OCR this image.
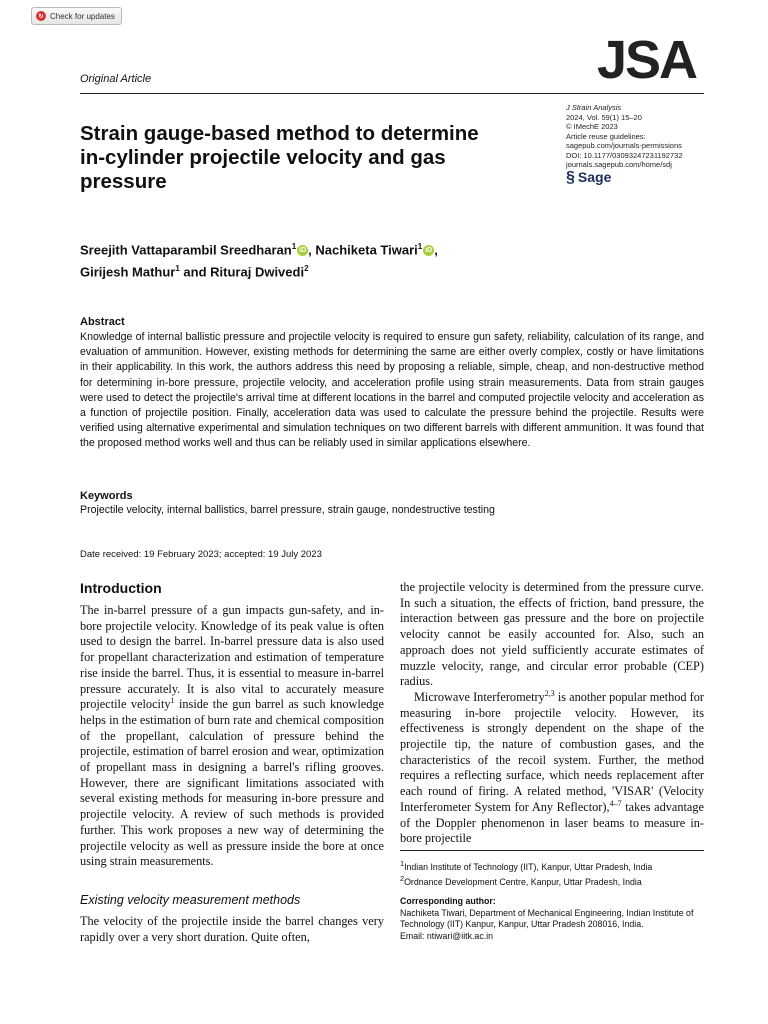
↻ Check for updates
Original Article	JSA
Strain gauge-based method to determine in-cylinder projectile velocity and gas pressure
J Strain Analysis
2024, Vol. 59(1) 15–20
© IMechE 2023
Article reuse guidelines:
sagepub.com/journals-permissions
DOI: 10.1177/03093247231192732
journals.sagepub.com/home/sdj
§ Sage
Sreejith Vattaparambil Sreedharan$^1$ iD , Nachiketa Tiwari$^1$ iD ,
Girijesh Mathur$^1$ and Rituraj Dwivedi$^2$
Abstract
Knowledge of internal ballistic pressure and projectile velocity is required to ensure gun safety, reliability, calculation of its range, and evaluation of ammunition. However, existing methods for determining the same are either overly complex, costly or have limitations in their applicability. In this work, the authors address this need by proposing a reliable, simple, cheap, and non-destructive method for determining in-bore pressure, projectile velocity, and acceleration profile using strain measurements. Data from strain gauges were used to detect the projectile's arrival time at different locations in the barrel and computed projectile velocity and acceleration as a function of projectile position. Finally, acceleration data was used to calculate the pressure behind the projectile. Results were verified using alternative experimental and simulation techniques on two different barrels with different ammunition. It was found that the proposed method works well and thus can be reliably used in similar applications elsewhere.
Keywords
Projectile velocity, internal ballistics, barrel pressure, strain gauge, nondestructive testing
Date received: 19 February 2023; accepted: 19 July 2023
Introduction
The in-barrel pressure of a gun impacts gun-safety, and in-bore projectile velocity. Knowledge of its peak value is often used to design the barrel. In-barrel pressure data is also used for propellant characterization and estimation of temperature rise inside the barrel. Thus, it is essential to measure in-barrel pressure accurately. It is also vital to accurately measure projectile velocity$^1$ inside the gun barrel as such knowledge helps in the estimation of burn rate and chemical composition of the propellant, calculation of pressure behind the projectile, estimation of barrel erosion and wear, optimization of propellant mass in designing a barrel's rifling grooves. However, there are significant limitations associated with several existing methods for measuring in-bore pressure and projectile velocity. A review of such methods is provided further. This work proposes a new way of determining the projectile velocity as well as pressure inside the bore at once using strain measurements.
Existing velocity measurement methods
The velocity of the projectile inside the barrel changes very rapidly over a very short duration. Quite often,

the projectile velocity is determined from the pressure curve. In such a situation, the effects of friction, band pressure, the interaction between gas pressure and the bore on projectile velocity cannot be easily accounted for. Also, such an approach does not yield sufficiently accurate estimates of muzzle velocity, range, and circular error probable (CEP) radius.

Microwave Interferometry$^{2,3}$ is another popular method for measuring in-bore projectile velocity. However, its effectiveness is strongly dependent on the shape of the projectile tip, the nature of combustion gases, and the characteristics of the recoil system. Further, the method requires a reflecting surface, which needs replacement after each round of firing. A related method, 'VISAR' (Velocity Interferometer System for Any Reflector),$^{4-7}$ takes advantage of the Doppler phenomenon in laser beams to measure in-bore projectile

$^1$Indian Institute of Technology (IIT), Kanpur, Uttar Pradesh, India
$^2$Ordnance Development Centre, Kanpur, Uttar Pradesh, India
Corresponding author:
Nachiketa Tiwari, Department of Mechanical Engineering, Indian Institute of Technology (IIT) Kanpur, Kanpur, Uttar Pradesh 208016, India.
Email: ntiwari@iitk.ac.in
